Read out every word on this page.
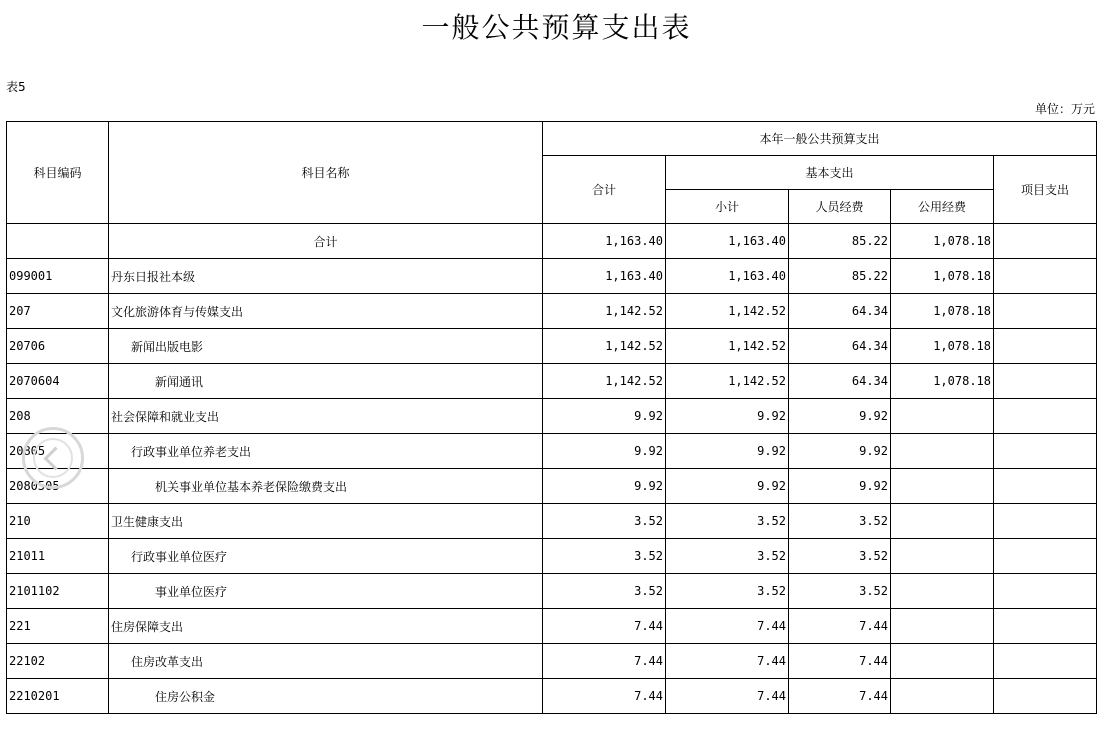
一般公共预算支出表
表5
单位：万元
科目编码	科目名称	本年一般公共预算支出				
		合计	基本支出			项目支出
			小计	人员经费	公用经费	
	合计	1,163.40	1,163.40	85.22	1,078.18	
099001	丹东日报社本级	1,163.40	1,163.40	85.22	1,078.18	
207	文化旅游体育与传媒支出	1,142.52	1,142.52	64.34	1,078.18	
20706	新闻出版电影	1,142.52	1,142.52	64.34	1,078.18	
2070604	新闻通讯	1,142.52	1,142.52	64.34	1,078.18	
208	社会保障和就业支出	9.92	9.92	9.92		
20805	行政事业单位养老支出	9.92	9.92	9.92		
2080505	机关事业单位基本养老保险缴费支出	9.92	9.92	9.92		
210	卫生健康支出	3.52	3.52	3.52		
21011	行政事业单位医疗	3.52	3.52	3.52		
2101102	事业单位医疗	3.52	3.52	3.52		
221	住房保障支出	7.44	7.44	7.44		
22102	住房改革支出	7.44	7.44	7.44		
2210201	住房公积金	7.44	7.44	7.44		
